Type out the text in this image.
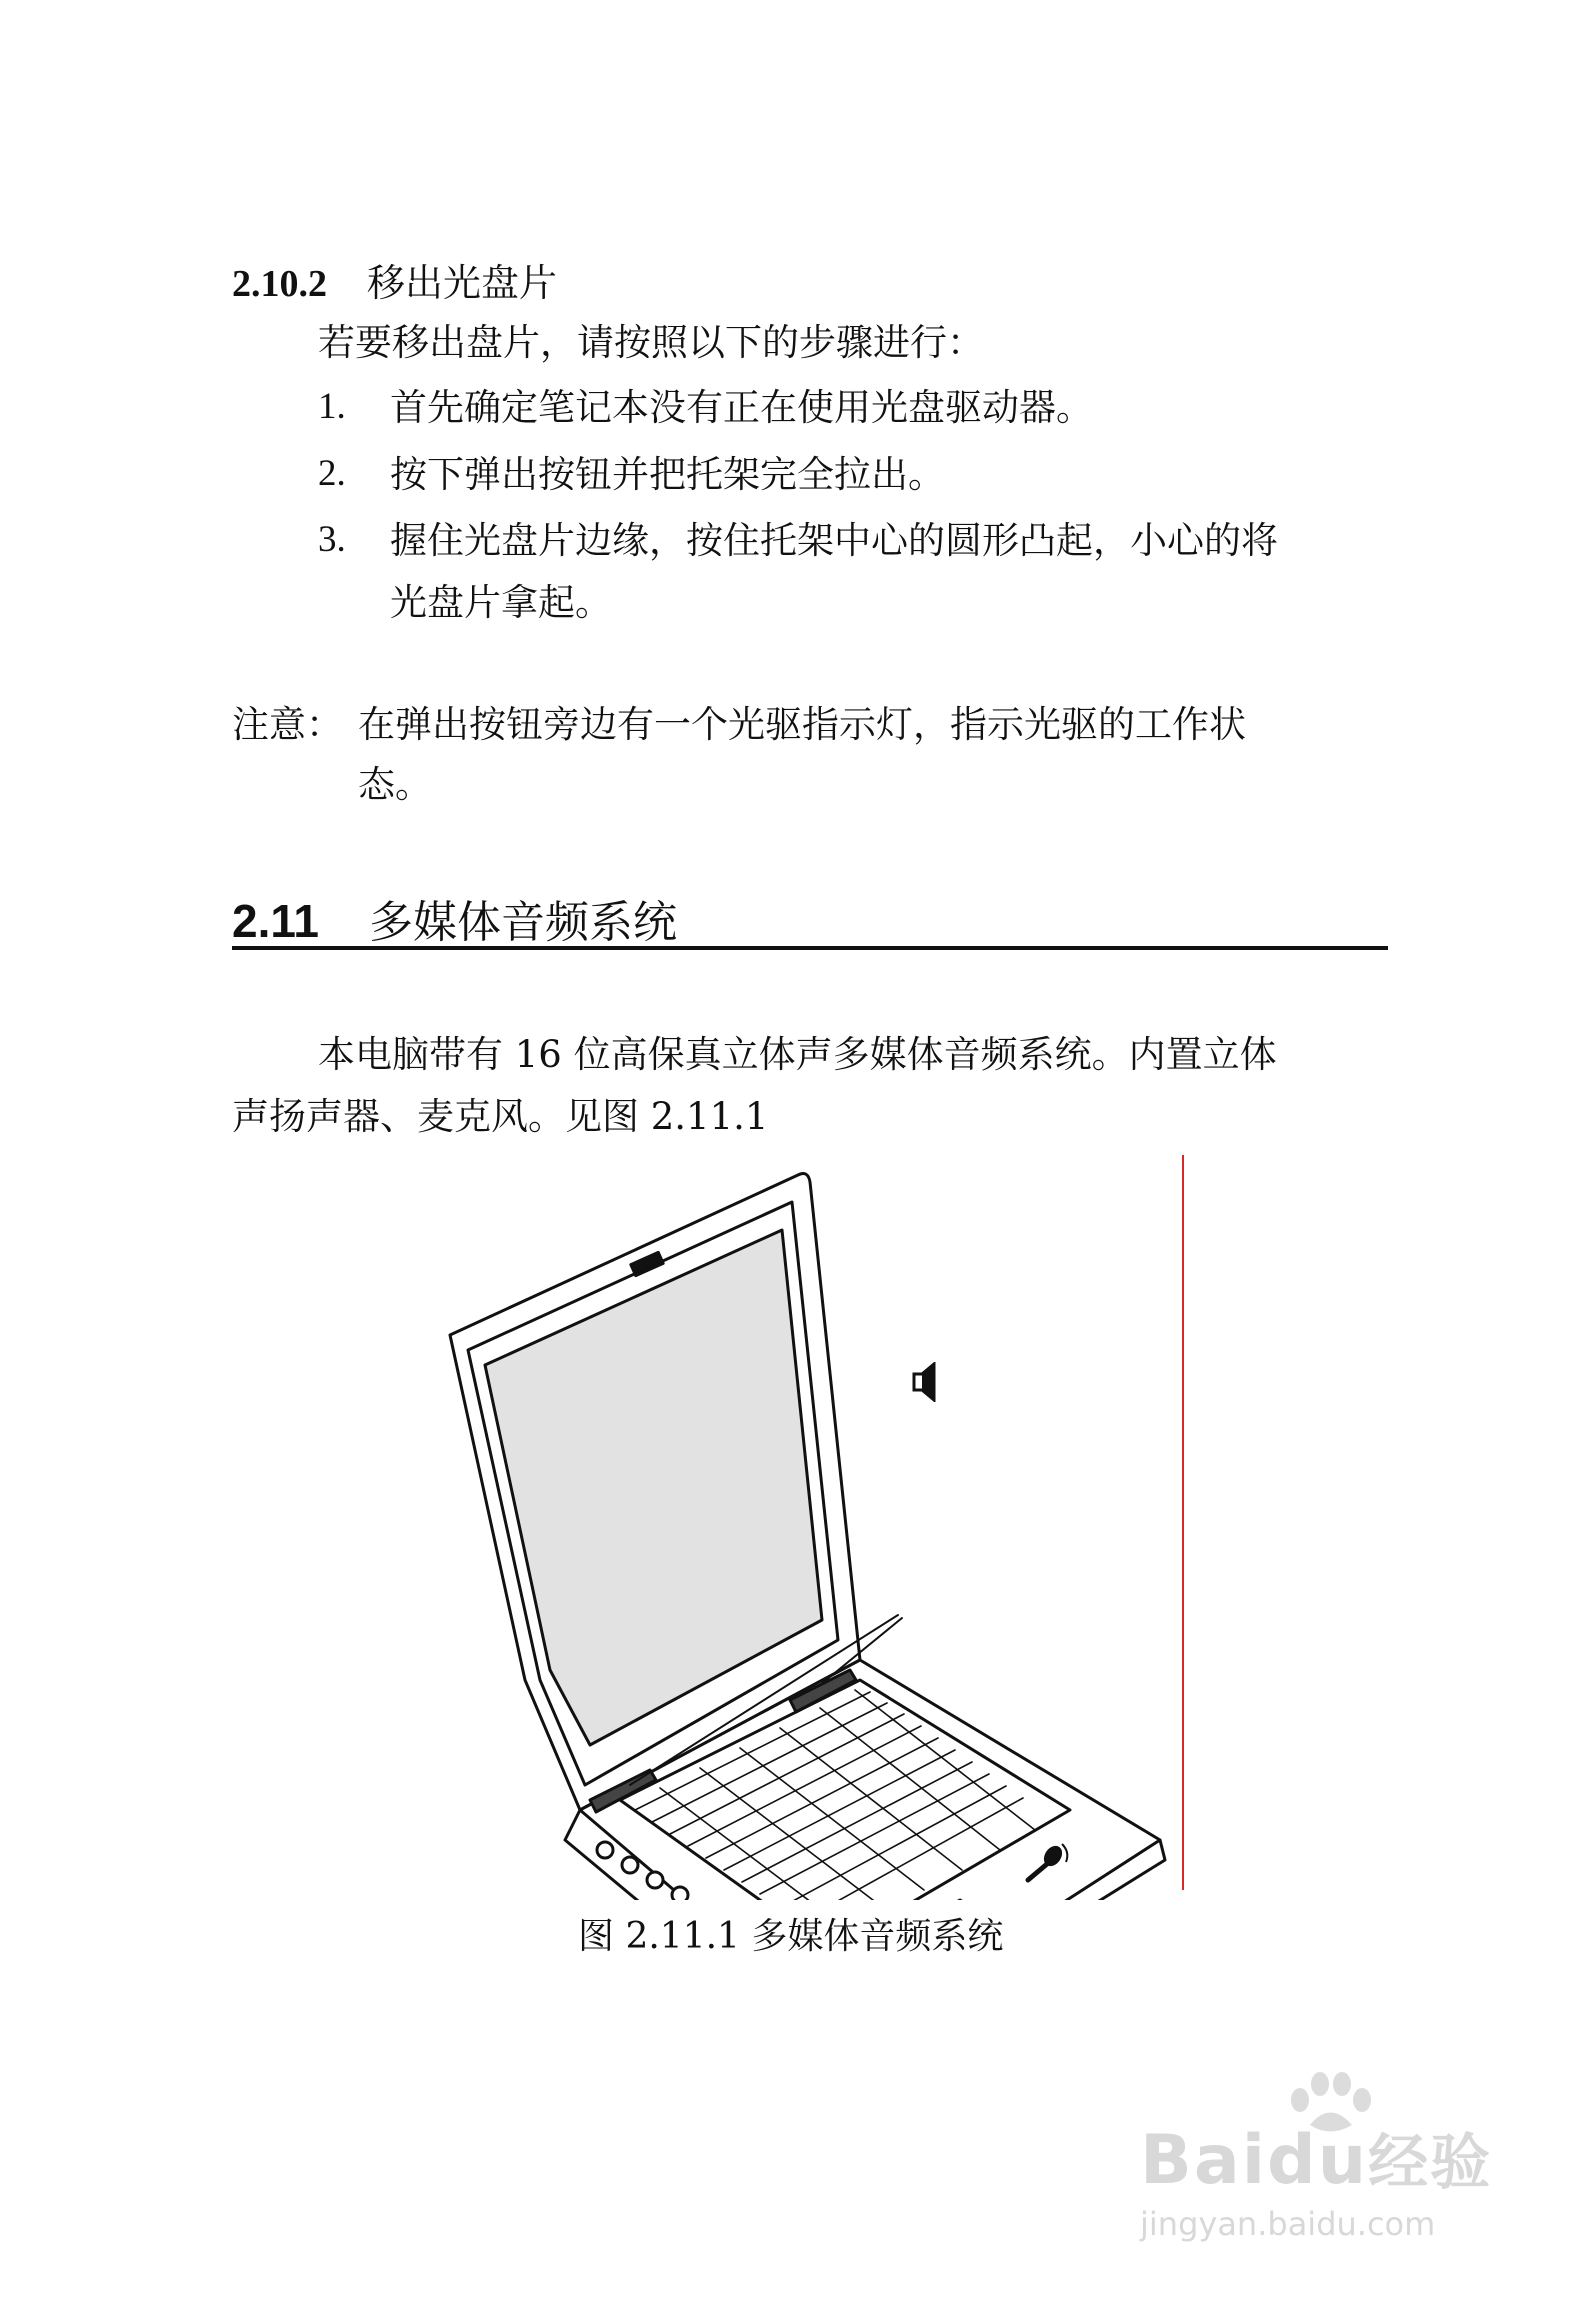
2.10.2 移出光盘片
若要移出盘片，请按照以下的步骤进行：
1. 首先确定笔记本没有正在使用光盘驱动器。
2. 按下弹出按钮并把托架完全拉出。
3. 握住光盘片边缘，按住托架中心的圆形凸起，小心的将
光盘片拿起。
注意： 在弹出按钮旁边有一个光驱指示灯，指示光驱的工作状
态。
2.11 多媒体音频系统
本电脑带有 16 位高保真立体声多媒体音频系统。内置立体
声扬声器、麦克风。见图 2.11.1
图 2.11.1 多媒体音频系统
Baidu经验
jingyan.baidu.com
